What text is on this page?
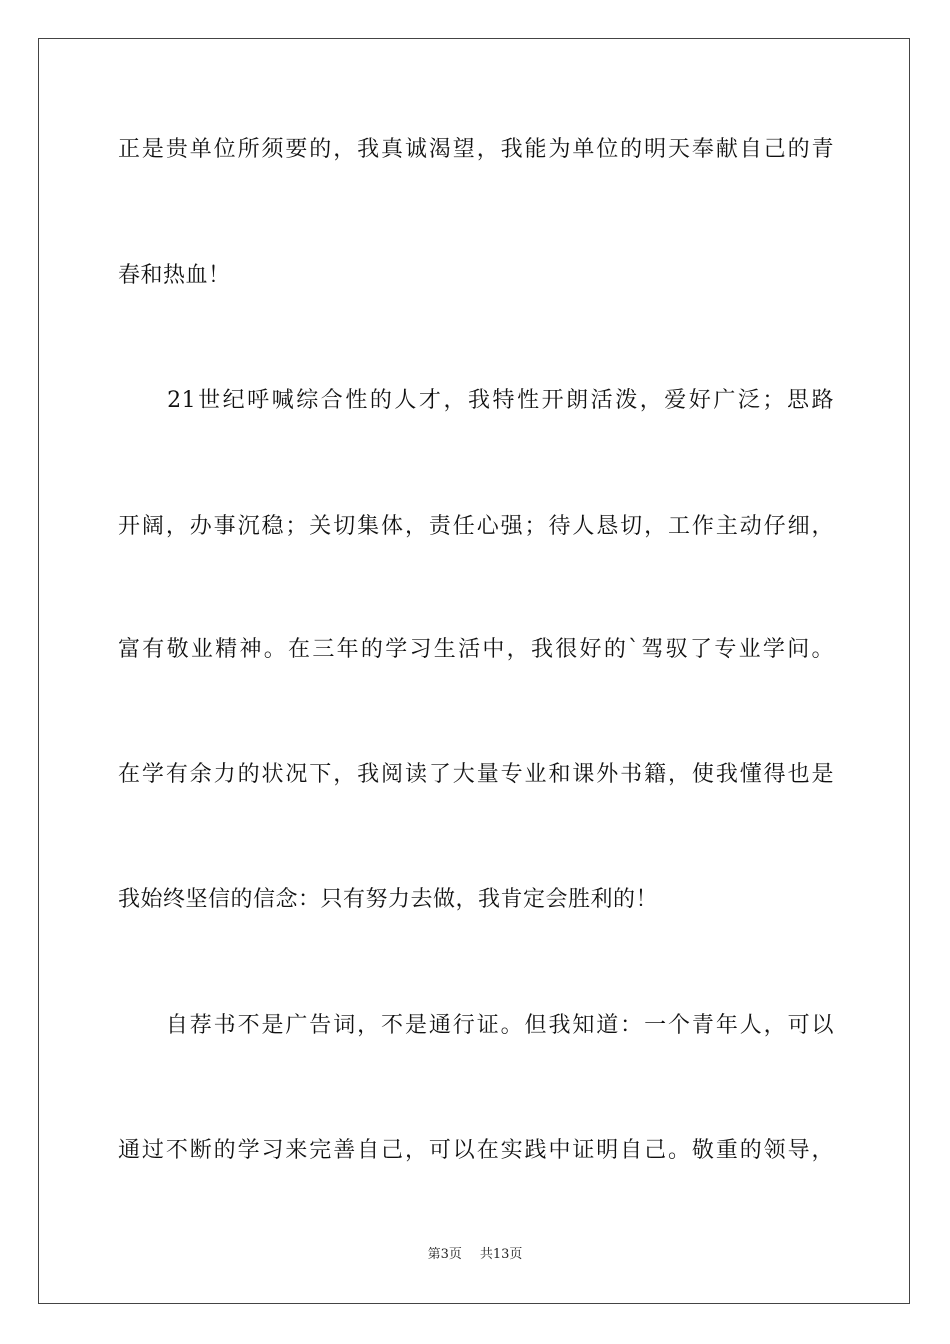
正是贵单位所须要的，我真诚渴望，我能为单位的明天奉献自己的青
春和热血！
　　21世纪呼喊综合性的人才，我特性开朗活泼，爱好广泛；思路
开阔，办事沉稳；关切集体，责任心强；待人恳切，工作主动仔细，
富有敬业精神。在三年的学习生活中，我很好的`驾驭了专业学问。
在学有余力的状况下，我阅读了大量专业和课外书籍，使我懂得也是
我始终坚信的信念：只有努力去做，我肯定会胜利的！
　　自荐书不是广告词，不是通行证。但我知道：一个青年人，可以
通过不断的学习来完善自己，可以在实践中证明自己。敬重的领导，
第3页 共13页
